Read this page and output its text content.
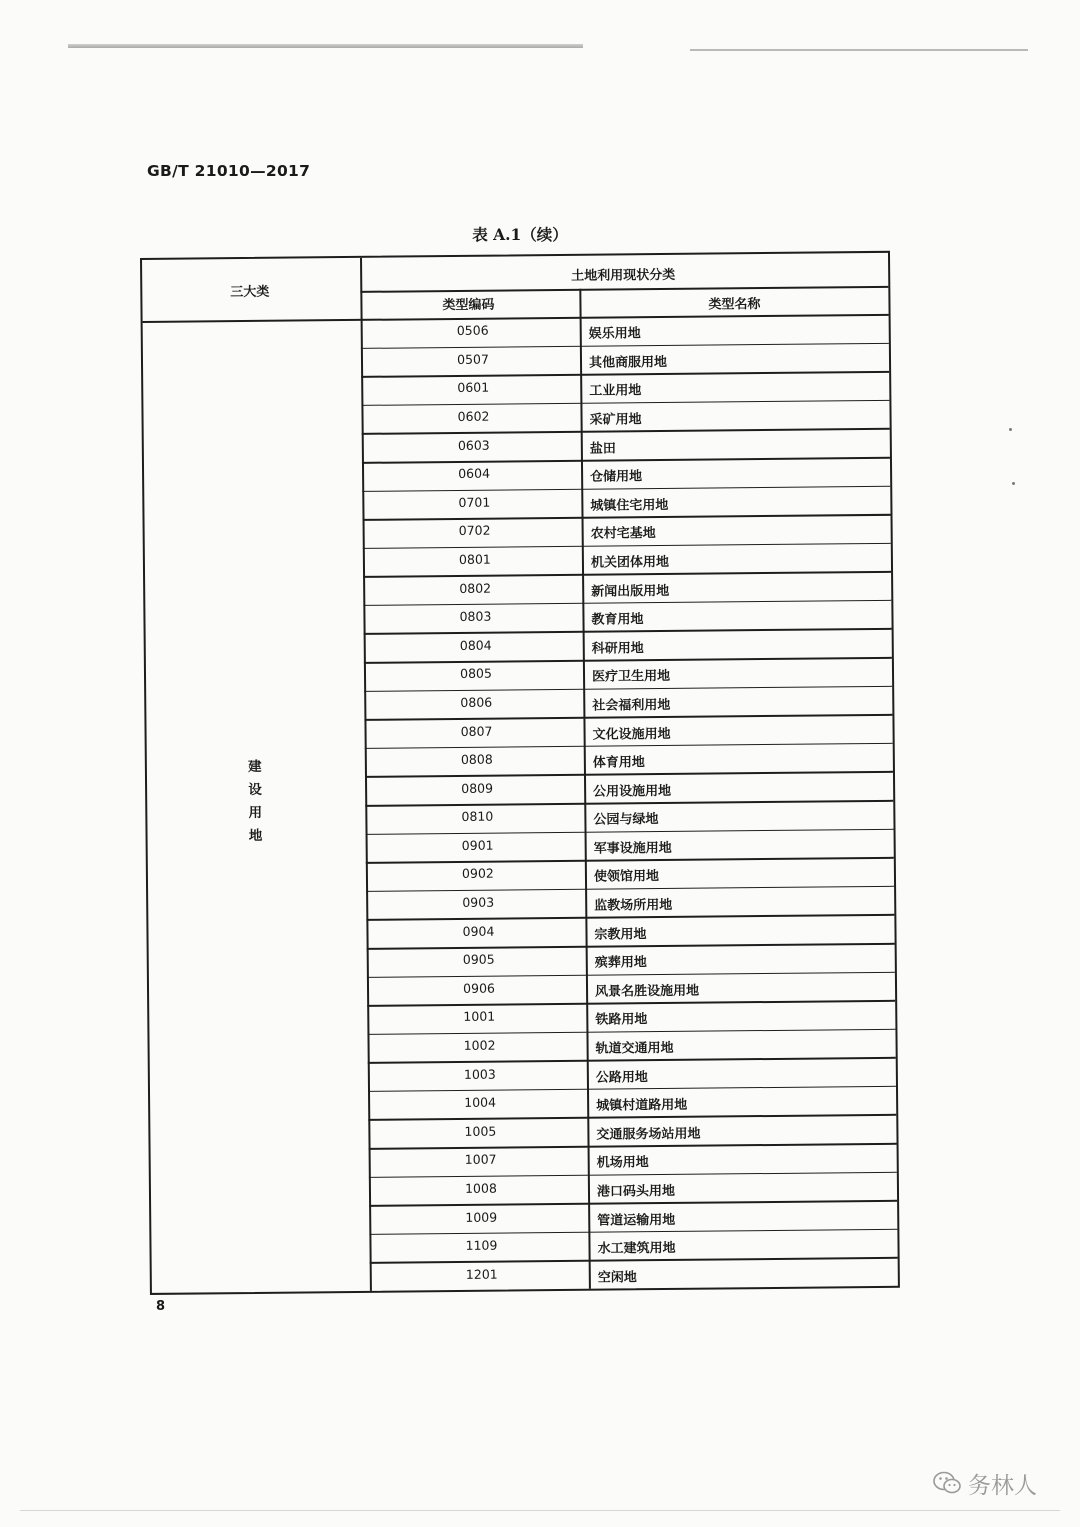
GB/T 21010—2017
表 A.1（续）
三大类
土地利用现状分类
类型编码	类型名称
建
设
用
地
0506	娱乐用地
0507	其他商服用地
0601	工业用地
0602	采矿用地
0603	盐田
0604	仓储用地
0701	城镇住宅用地
0702	农村宅基地
0801	机关团体用地
0802	新闻出版用地
0803	教育用地
0804	科研用地
0805	医疗卫生用地
0806	社会福利用地
0807	文化设施用地
0808	体育用地
0809	公用设施用地
0810	公园与绿地
0901	军事设施用地
0902	使领馆用地
0903	监教场所用地
0904	宗教用地
0905	殡葬用地
0906	风景名胜设施用地
1001	铁路用地
1002	轨道交通用地
1003	公路用地
1004	城镇村道路用地
1005	交通服务场站用地
1007	机场用地
1008	港口码头用地
1009	管道运输用地
1109	水工建筑用地
1201	空闲地
8
务林人
